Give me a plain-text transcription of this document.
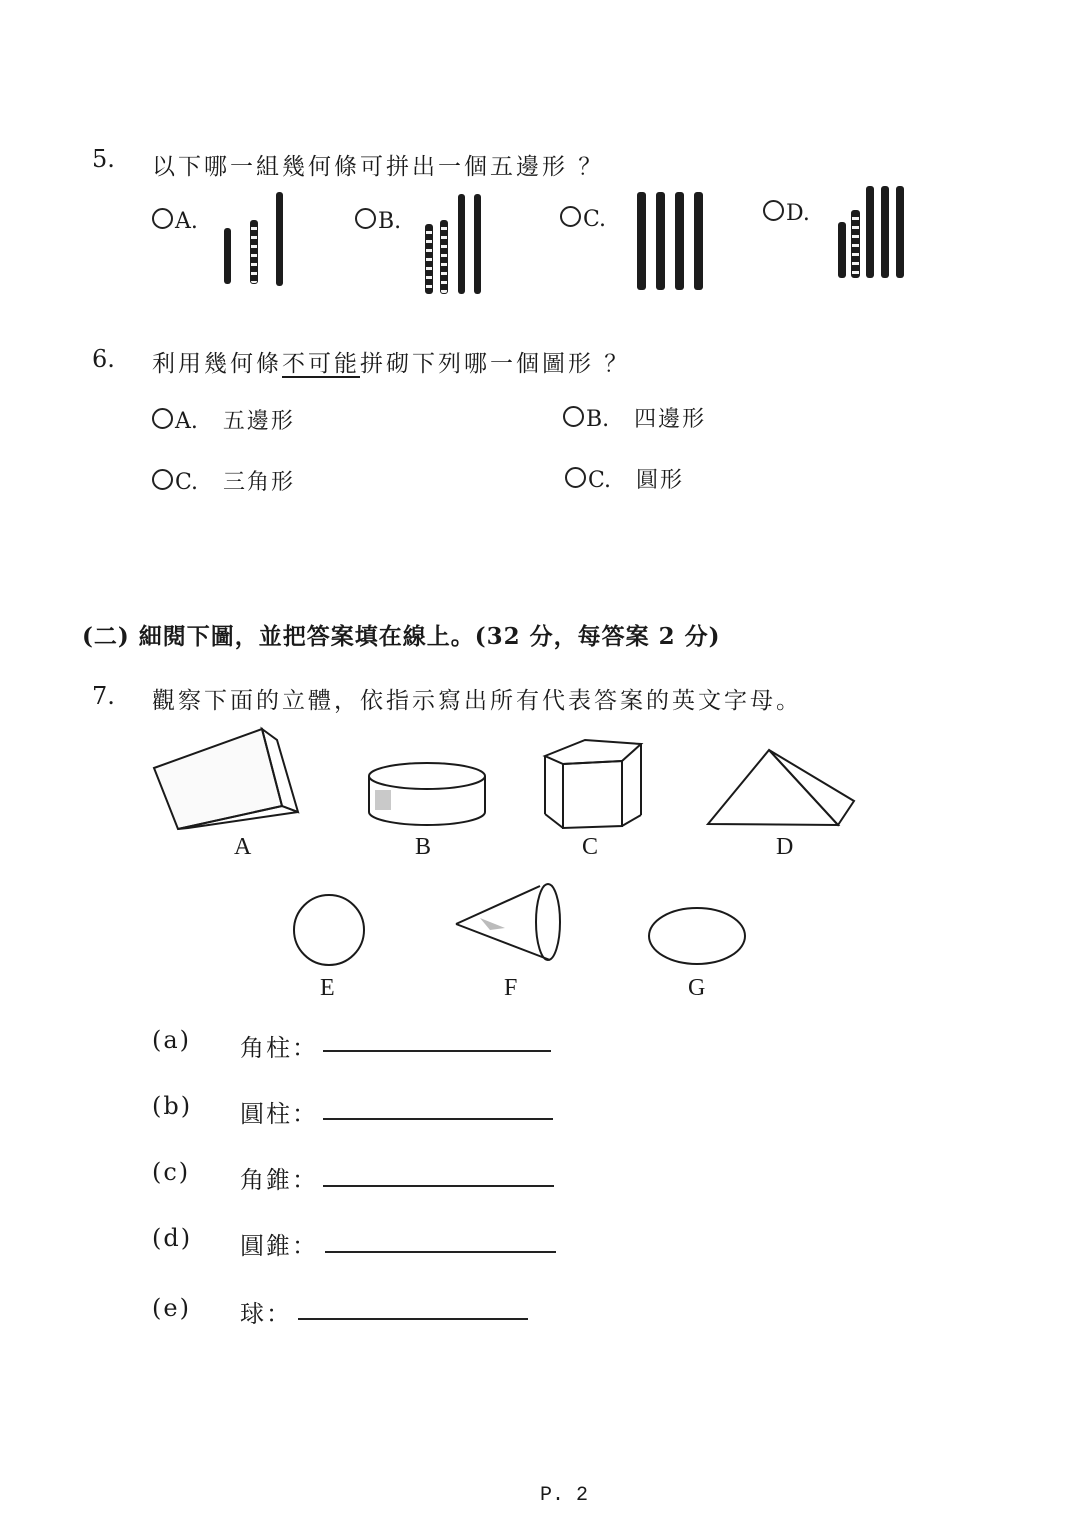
5. 以下哪一組幾何條可拼出一個五邊形 ？
A.	B.	C.	D.
6. 利用幾何條不可能拼砌下列哪一個圖形 ？
A. 五邊形	B. 四邊形
C. 三角形	C. 圓形
(二) 細閱下圖，並把答案填在線上。(32 分，每答案 2 分)
7. 觀察下面的立體，依指示寫出所有代表答案的英文字母。
A	B	C	D
E	F	G
(a) 角柱：
(b) 圓柱：
(c) 角錐：
(d) 圓錐：
(e) 球：
P. 2
